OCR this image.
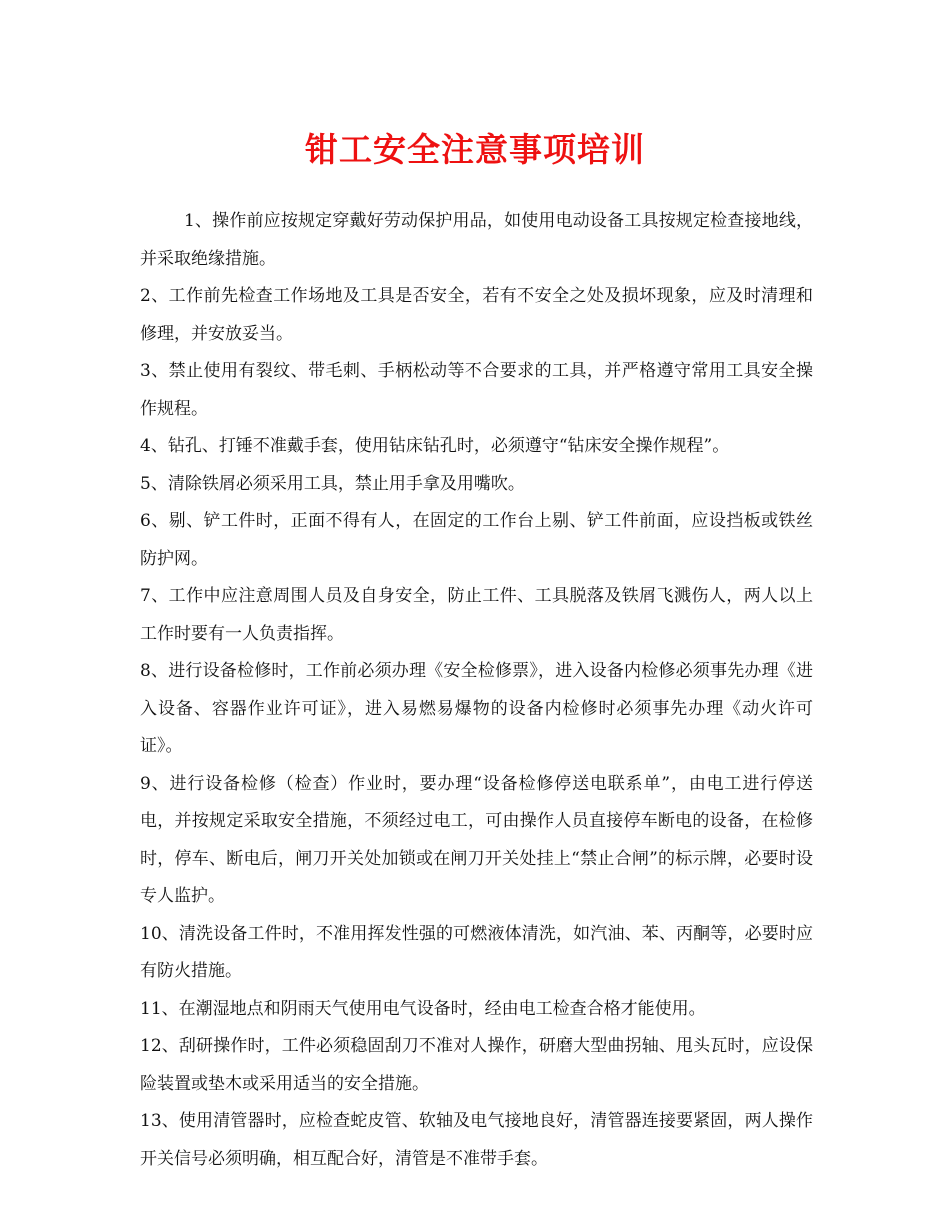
钳工安全注意事项培训

1、操作前应按规定穿戴好劳动保护用品，如使用电动设备工具按规定检查接地线，并采取绝缘措施。

2、工作前先检查工作场地及工具是否安全，若有不安全之处及损坏现象，应及时清理和修理，并安放妥当。

3、禁止使用有裂纹、带毛刺、手柄松动等不合要求的工具，并严格遵守常用工具安全操作规程。

4、钻孔、打锤不准戴手套，使用钻床钻孔时，必须遵守“钻床安全操作规程”。

5、清除铁屑必须采用工具，禁止用手拿及用嘴吹。

6、剔、铲工件时，正面不得有人，在固定的工作台上剔、铲工件前面，应设挡板或铁丝防护网。

7、工作中应注意周围人员及自身安全，防止工件、工具脱落及铁屑飞溅伤人，两人以上工作时要有一人负责指挥。

8、进行设备检修时，工作前必须办理《安全检修票》，进入设备内检修必须事先办理《进入设备、容器作业许可证》，进入易燃易爆物的设备内检修时必须事先办理《动火许可证》。

9、进行设备检修（检查）作业时，要办理“设备检修停送电联系单”，由电工进行停送电，并按规定采取安全措施，不须经过电工，可由操作人员直接停车断电的设备，在检修时，停车、断电后，闸刀开关处加锁或在闸刀开关处挂上“禁止合闸”的标示牌，必要时设专人监护。

10、清洗设备工件时，不准用挥发性强的可燃液体清洗，如汽油、苯、丙酮等，必要时应有防火措施。

11、在潮湿地点和阴雨天气使用电气设备时，经由电工检查合格才能使用。

12、刮研操作时，工件必须稳固刮刀不准对人操作，研磨大型曲拐轴、甩头瓦时，应设保险装置或垫木或采用适当的安全措施。

13、使用清管器时，应检查蛇皮管、软轴及电气接地良好，清管器连接要紧固，两人操作开关信号必须明确，相互配合好，清管是不准带手套。
